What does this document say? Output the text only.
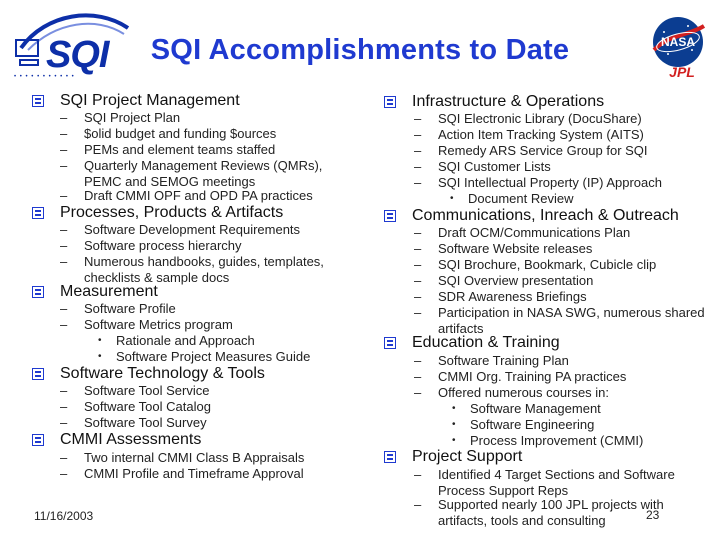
SQI
• • • • • • • • • • •
SQI Accomplishments to Date	NASA
JPL
SQI Project Management
–	SQI Project Plan
–	$olid budget and funding $ources
–	PEMs and element teams staffed
–	Quarterly Management Reviews (QMRs), PEMC and SEMOG meetings
–	Draft CMMI OPF and OPD PA practices
Processes, Products & Artifacts
–	Software Development Requirements
–	Software process hierarchy
–	Numerous handbooks, guides, templates, checklists & sample docs
Measurement
–	Software Profile
–	Software Metrics program
• Rationale and Approach
• Software Project Measures Guide
Software Technology & Tools
–	Software Tool Service
–	Software Tool Catalog
–	Software Tool Survey
CMMI Assessments
–	Two internal CMMI Class B Appraisals
–	CMMI Profile and Timeframe Approval
Infrastructure & Operations
–	SQI Electronic Library (DocuShare)
–	Action Item Tracking System (AITS)
–	Remedy ARS Service Group for SQI
–	SQI Customer Lists
–	SQI Intellectual Property (IP) Approach
• Document Review
Communications, Inreach & Outreach
–	Draft OCM/Communications Plan
–	Software Website releases
–	SQI Brochure, Bookmark, Cubicle clip
–	SQI Overview presentation
–	SDR Awareness Briefings
–	Participation in NASA SWG, numerous shared artifacts
Education & Training
–	Software Training Plan
–	CMMI Org. Training PA practices
–	Offered numerous courses in:
• Software Management
• Software Engineering
• Process Improvement (CMMI)
Project Support
–	Identified 4 Target Sections and Software Process Support Reps
–	Supported nearly 100 JPL projects with artifacts, tools and consulting
11/16/2003	23
